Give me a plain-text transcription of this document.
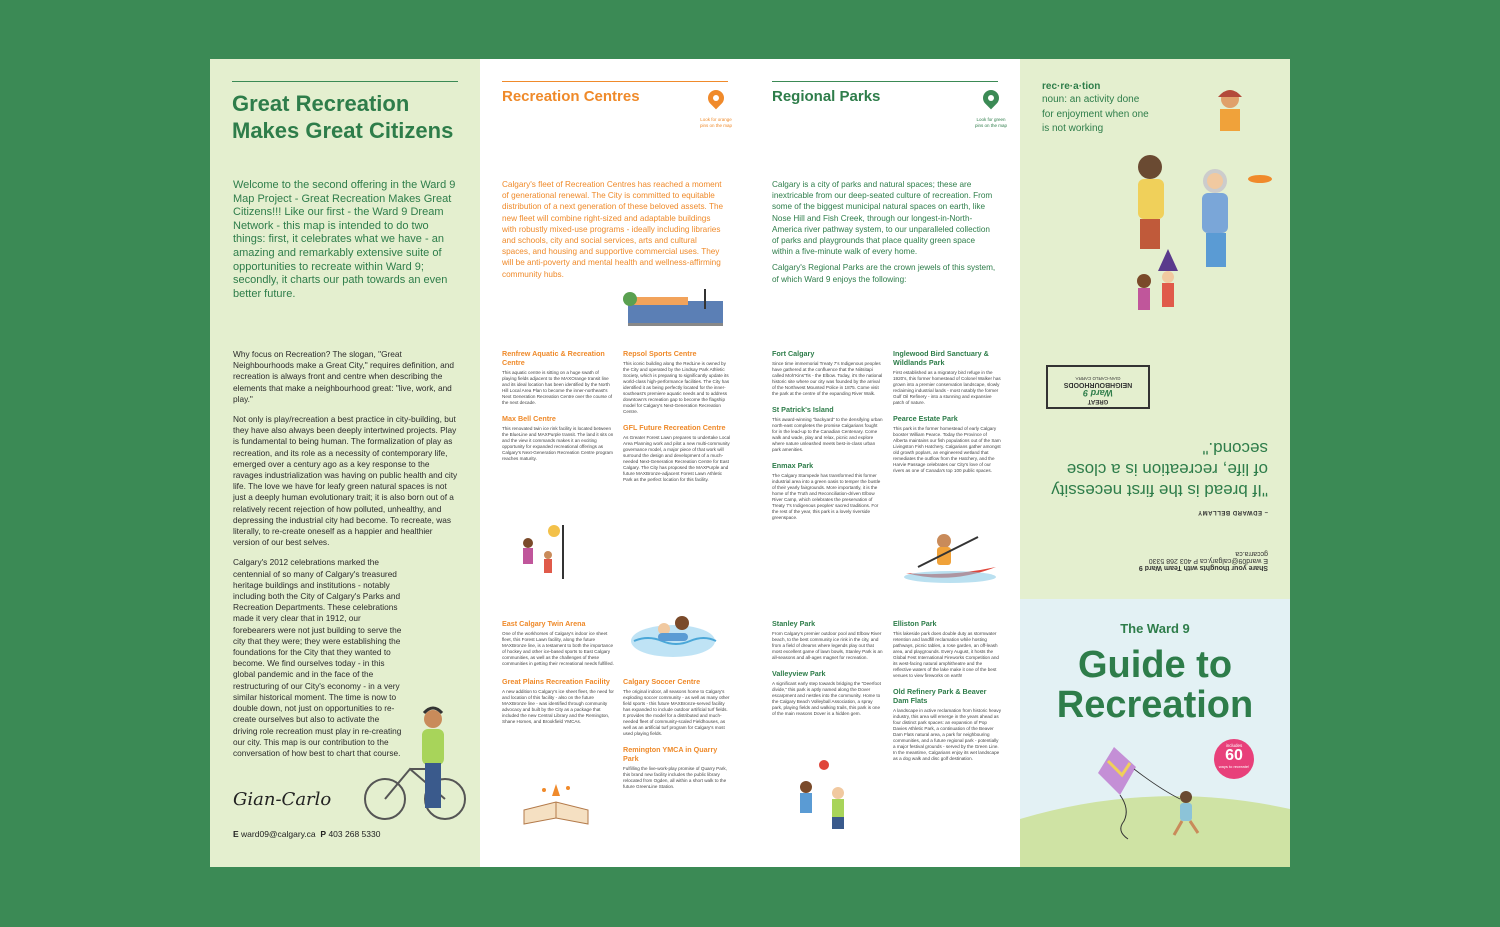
Great Recreation Makes Great Citizens

Welcome to the second offering in the Ward 9 Map Project - Great Recreation Makes Great Citizens!!! Like our first - the Ward 9 Dream Network - this map is intended to do two things: first, it celebrates what we have - an amazing and remarkably extensive suite of opportunities to recreate within Ward 9; secondly, it charts our path towards an even better future.

Why focus on Recreation? The slogan, "Great Neighbourhoods make a Great City," requires definition, and recreation is always front and centre when describing the elements that make a neighbourhood great: "live, work, and play."

Not only is play/recreation a best practice in city-building, but they have also always been deeply intertwined projects. Play is fundamental to being human. The formalization of play as recreation, and its role as a necessity of contemporary life, emerged over a century ago as a key response to the ravages industrialization was having on public health and city life. The love we have for leafy green natural spaces is not just a deeply human evolutionary trait; it is also born out of a relatively recent rejection of how polluted, unhealthy, and depressing the industrial city had become. To recreate, was literally, to re-create oneself as a happier and healthier version of our best selves.

Calgary's 2012 celebrations marked the centennial of so many of Calgary's treasured heritage buildings and institutions - notably including both the City of Calgary's Parks and Recreation Departments. These celebrations made it very clear that in 1912, our forebearers were not just building to serve the city that they were; they were establishing the foundations for the City that they wanted to become. We find ourselves today - in this global pandemic and in the face of the restructuring of our City's economy - in a very similar historical moment. The time is now to double down, not just on opportunities to re-create ourselves but also to activate the driving role recreation must play in re-creating our city. This map is our contribution to the conversation of how best to chart that course.

Gian-Carlo
E ward09@calgary.ca P 403 268 5330
Recreation Centres
Look for orange pins on the map

Calgary's fleet of Recreation Centres has reached a moment of generational renewal. The City is committed to equitable distribution of a next generation of these beloved assets. The new fleet will combine right-sized and adaptable buildings with robustly mixed-use programs - ideally including libraries and schools, city and social services, arts and cultural spaces, and housing and supportive commercial uses. They will be anti-poverty and mental health and wellness-affirming community hubs.

Renfrew Aquatic & Recreation Centre

This aquatic centre is sitting on a huge swath of playing fields adjacent to the MAXOrange transit line and its ideal location has been identified by the North Hill Local Area Plan to become the inner-northeast's Next Generation Recreation Centre over the course of the next decade.

Max Bell Centre

This renovated twin ice rink facility is located between the BlueLine and MAXPurple transit. The land it sits on and the view it commands makes it an exciting opportunity for expanded recreational offerings as Calgary's Next-Generation Recreation Centre program reaches maturity.

Repsol Sports Centre

This iconic building along the RedLine is owned by the City and operated by the Lindsay Park Athletic Society, which is preparing to significantly update its world-class high-performance facilities. The City has identified it as being perfectly located for the inner-southeast's premiere aquatic needs and to address downtown's recreation gap to become the flagship model for Calgary's Next-Generation Recreation Centre.

GFL Future Recreation Centre

As Greater Forest Lawn prepares to undertake Local Area Planning work and pilot a new multi-community governance model, a major piece of that work will surround the design and development of a much-needed Next-Generation Recreation Centre for East Calgary. The City has proposed the MAXPurple and future MAXBronze-adjacent Forest Lawn Athletic Park as the perfect location for this facility.

East Calgary Twin Arena

One of the workhorses of Calgary's indoor ice sheet fleet, this Forest Lawn facility, along the future MAXBronze line, is a testament to both the importance of hockey and other ice-based sports to East Calgary communities, as well as the challenges of these communities in getting their recreational needs fulfilled.

Great Plains Recreation Facility

A new addition to Calgary's ice sheet fleet, the need for and location of this facility - also on the future MAXBronze line - was identified through community advocacy and built by the City as a package that included the new Central Library and the Remington, Shane Homes, and Brookfield YMCAs.

Calgary Soccer Centre

The original indoor, all seasons home to Calgary's exploding soccer community - as well as many other field sports - this future MAXBronze-served facility has expanded to include outdoor artificial turf fields. It provides the model for a distributed and much-needed fleet of community-scaled Fieldhouses, as well as an artificial turf program for Calgary's most used playing fields.

Remington YMCA in Quarry Park

Fulfilling the live-work-play promise of Quarry Park, this brand new facility includes the public library relocated from Ogden, all within a short walk to the future GreenLine Station.

Regional Parks
Look for green pins on the map

Calgary is a city of parks and natural spaces; these are inextricable from our deep-seated culture of recreation. From some of the biggest municipal natural spaces on earth, like Nose Hill and Fish Creek, through our longest-in-North-America river pathway system, to our unparalleled collection of parks and playgrounds that place quality green space within a five-minute walk of every home.

Calgary's Regional Parks are the crown jewels of this system, of which Ward 9 enjoys the following:

Fort Calgary

Since time immemorial Treaty 7's Indigenous peoples have gathered at the confluence that the Niitsitapi called Moh'Kins'Tis - the Elbow. Today, it's the national historic site where our city was founded by the arrival of the Northwest Mounted Police in 1875. Come visit the park at the centre of the expanding River Walk.

St Patrick's Island

This award-winning "backyard" to the densifying urban north-east completes the promise Calgarians fought for in the lead-up to the Canadian Centenary. Come walk and wade, play and relax, picnic and explore where nature unleashed meets best-in-class urban park amenities.

Enmax Park

The Calgary Stampede has transformed this former industrial area into a green oasis to temper the bustle of their yearly fairgrounds. More importantly, it is the home of the Truth and Reconciliation-driven Elbow River Camp, which celebrates the preservation of Treaty 7's Indigenous peoples' sacred traditions. For the rest of the year, this park is a lovely riverside greenspace.

Inglewood Bird Sanctuary & Wildlands Park

First established as a migratory bird refuge in the 1920's, this former homestead of Colonel Walker has grown into a premier conservation landscape, slowly reclaiming industrial lands - most notably the former Gulf Oil Refinery - into a stunning and expansive patch of nature.

Pearce Estate Park

This park is the former homestead of early Calgary booster William Pearce. Today the Province of Alberta maintains our fish populations out of the Sam Livingston Fish Hatchery. Calgarians gather amongst old growth poplars, an engineered wetland that remediates the outflow from the Hatchery, and the Harvie Passage celebrates our City's love of our rivers as one of Canada's top 100 public spaces.

Stanley Park

From Calgary's premier outdoor pool and Elbow River beach, to the best community ice rink in the city, and from a field of dreams where legends play out that most excellent game of lawn bowls, Stanley Park is an all-seasons and all-ages magnet for recreation.

Valleyview Park

A significant early step towards bridging the "Deerfoot divide," this park is aptly named along the Dover escarpment and nestles into the community. Home to the Calgary Beach Volleyball Association, a spray park, playing fields and walking trails, this park is one of the main reasons Dover is a hidden gem.

Elliston Park

This lakeside park does double duty as stormwater retention and landfill reclamation while hosting pathways, picnic tables, a rose garden, an off-leash area, and playgrounds. Every August, it hosts the Global Fest International Fireworks Competition and its west-facing natural amphitheatre and the reflective waters of the lake make it one of the best venues to view fireworks on earth!

Old Refinery Park & Beaver Dam Flats

A landscape in active reclamation from historic heavy industry, this area will emerge in the years ahead as four distinct park spaces: an expansion of Pop Davies Athletic Park, a continuation of the Beaver Dam Flats natural area, a park for neighbouring communities, and a future regional park - potentially a major festival grounds - served by the Green Line. In the meantime, Calgarians enjoy its wet landscape as a dog walk and disc golf destination.

rec·re·a·tion
noun: an activity done for enjoyment when one is not working
Share your thoughts with Team Ward 9
E ward09@calgary.ca P 403 268 5330
gccarra.ca
– EDWARD BELLAMY
"If bread is the first necessity of life, recreation is a close second."
GREAT
Ward 9
NEIGHBOURHOODS
GIAN-CARLO CARRA
The Ward 9
Guide to
Recreation
includes
60
ways to recreate!
